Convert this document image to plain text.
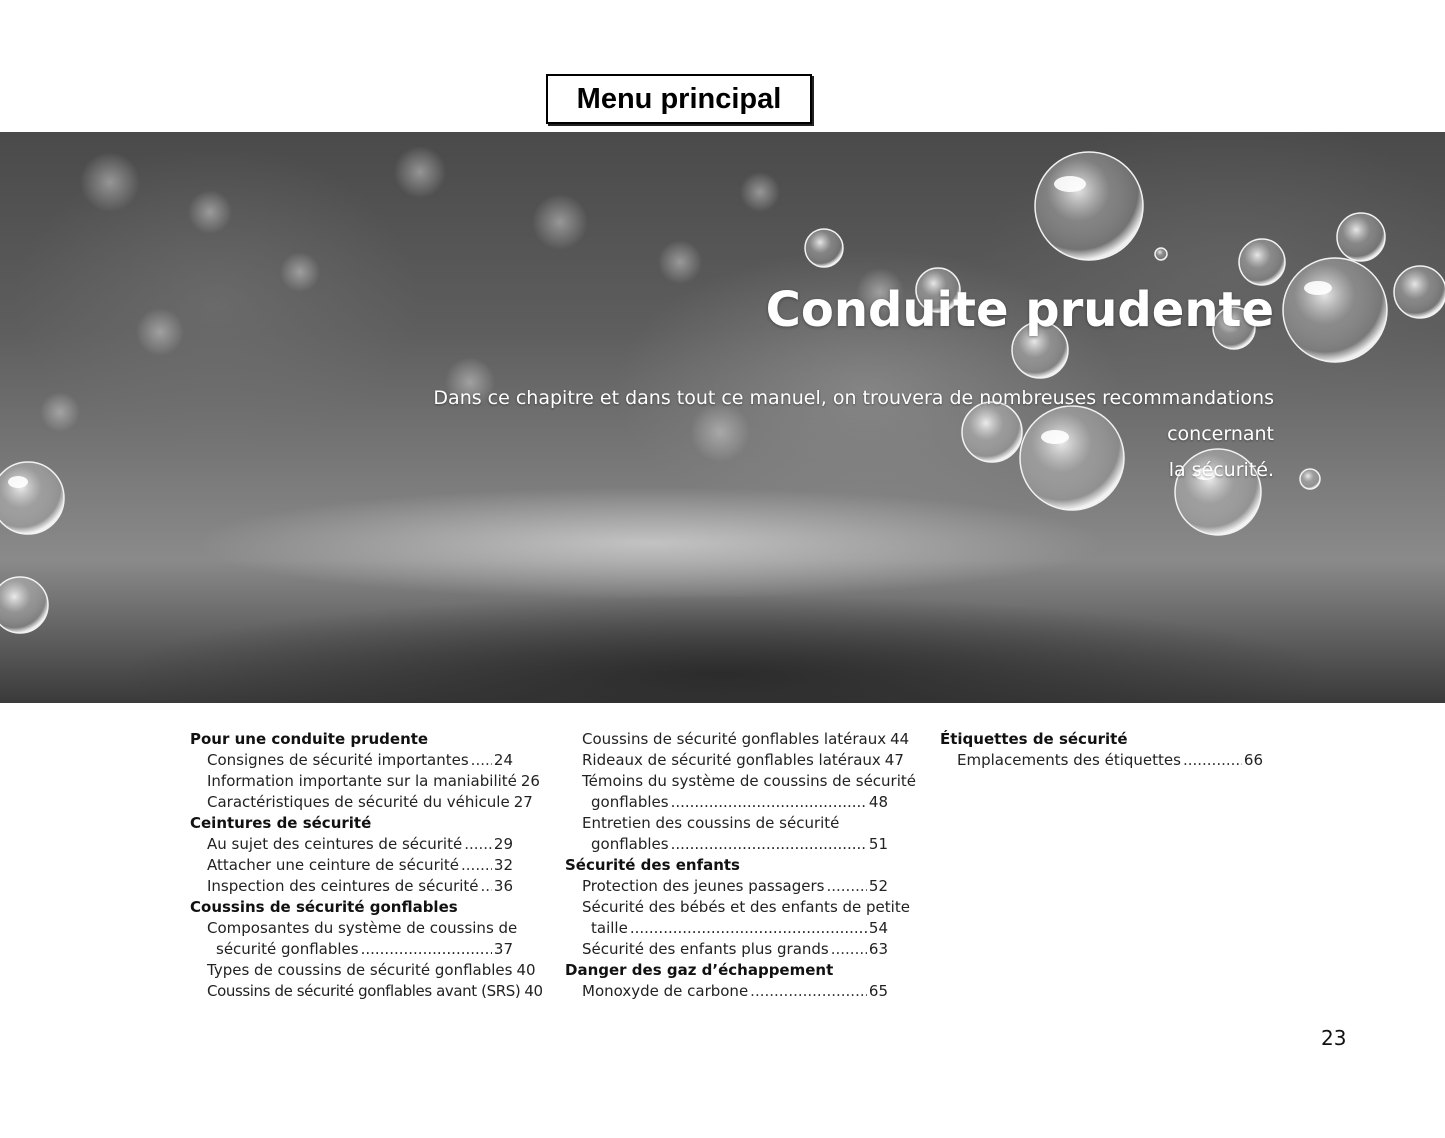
Menu principal
Conduite prudente

Dans ce chapitre et dans tout ce manuel, on trouvera de nombreuses recommandations concernant
la sécurité.

Pour une conduite prudente
Consignes de sécurité importantes ..... 24
Information importante sur la maniabilité 26
Caractéristiques de sécurité du véhicule 27
Ceintures de sécurité
Au sujet des ceintures de sécurité ..... 29
Attacher une ceinture de sécurité ..... 32
Inspection des ceintures de sécurité ..... 36
Coussins de sécurité gonflables
Composantes du système de coussins de
sécurité gonflables .....	37
Types de coussins de sécurité gonflables 40
Coussins de sécurité gonflables avant (SRS) 40
Coussins de sécurité gonflables latéraux 44
Rideaux de sécurité gonflables latéraux 47
Témoins du système de coussins de sécurité
gonflables .....	48
Entretien des coussins de sécurité
gonflables .....	51
Sécurité des enfants
Protection des jeunes passagers .....	52
Sécurité des bébés et des enfants de petite
taille .....	54
Sécurité des enfants plus grands .....	63
Danger des gaz d’échappement
Monoxyde de carbone .....	65
Étiquettes de sécurité
Emplacements des étiquettes .....	66
23
